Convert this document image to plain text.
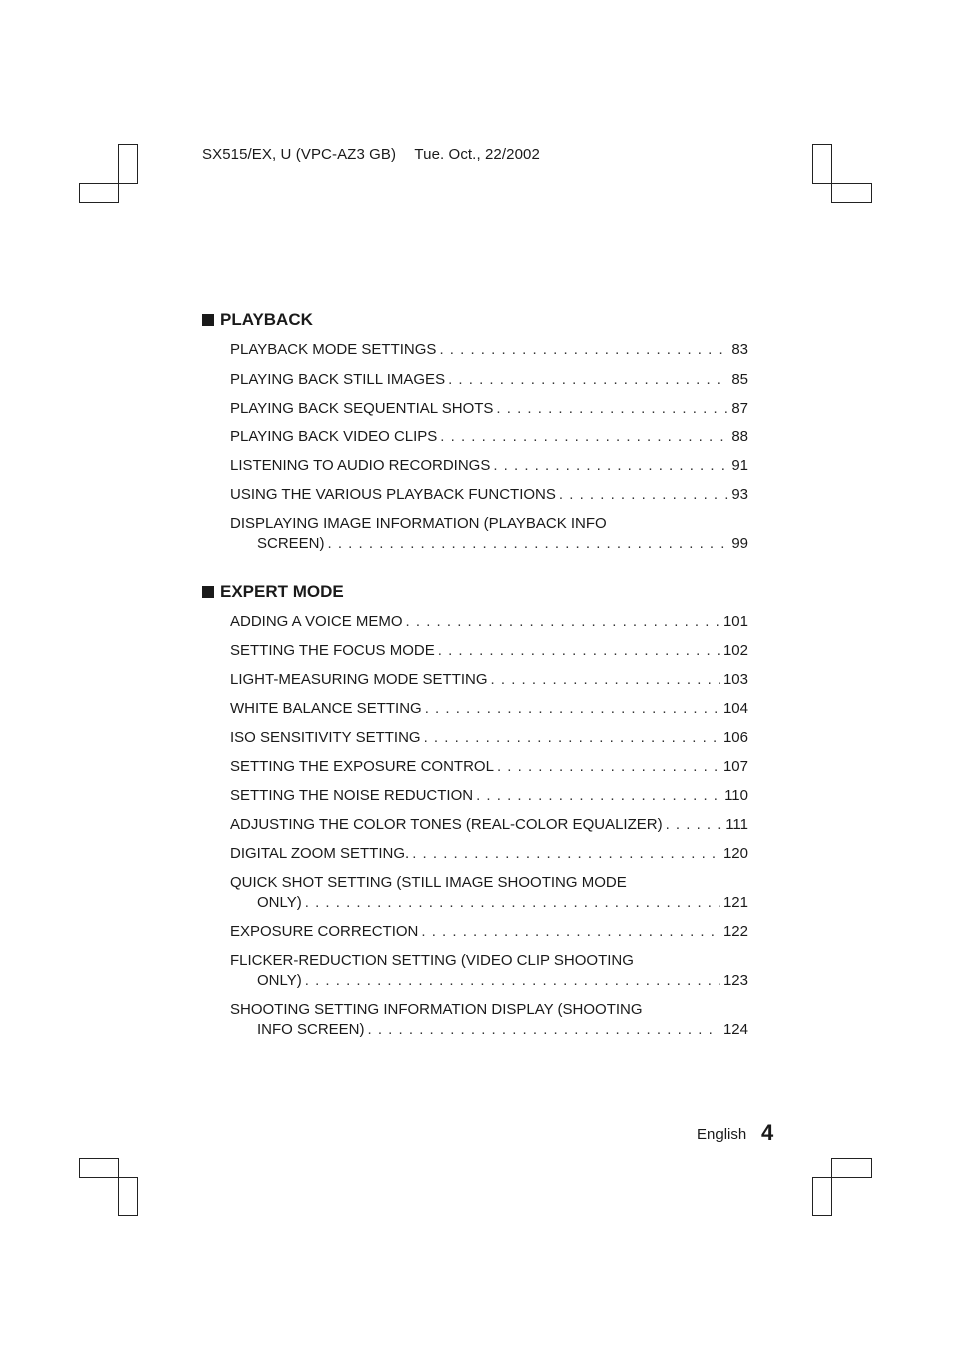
SX515/EX, U (VPC-AZ3 GB) Tue. Oct., 22/2002
PLAYBACK
PLAYBACK MODE SETTINGS . . .	83
PLAYING BACK STILL IMAGES . . .	85
PLAYING BACK SEQUENTIAL SHOTS . . .	87
PLAYING BACK VIDEO CLIPS . . .	88
LISTENING TO AUDIO RECORDINGS . . .	91
USING THE VARIOUS PLAYBACK FUNCTIONS . . .	93
DISPLAYING IMAGE INFORMATION (PLAYBACK INFO
SCREEN) . . .	99
EXPERT MODE
ADDING A VOICE MEMO . . .	101
SETTING THE FOCUS MODE . . .	102
LIGHT-MEASURING MODE SETTING . . .	103
WHITE BALANCE SETTING . . .	104
ISO SENSITIVITY SETTING . . .	106
SETTING THE EXPOSURE CONTROL . . .	107
SETTING THE NOISE REDUCTION . . .	110
ADJUSTING THE COLOR TONES (REAL-COLOR EQUALIZER) . . .	111
DIGITAL ZOOM SETTING. . . .	120
QUICK SHOT SETTING (STILL IMAGE SHOOTING MODE
ONLY) . . .	121
EXPOSURE CORRECTION . . .	122
FLICKER-REDUCTION SETTING (VIDEO CLIP SHOOTING
ONLY) . . .	123
SHOOTING SETTING INFORMATION DISPLAY (SHOOTING
INFO SCREEN) . . .	124
English 4
